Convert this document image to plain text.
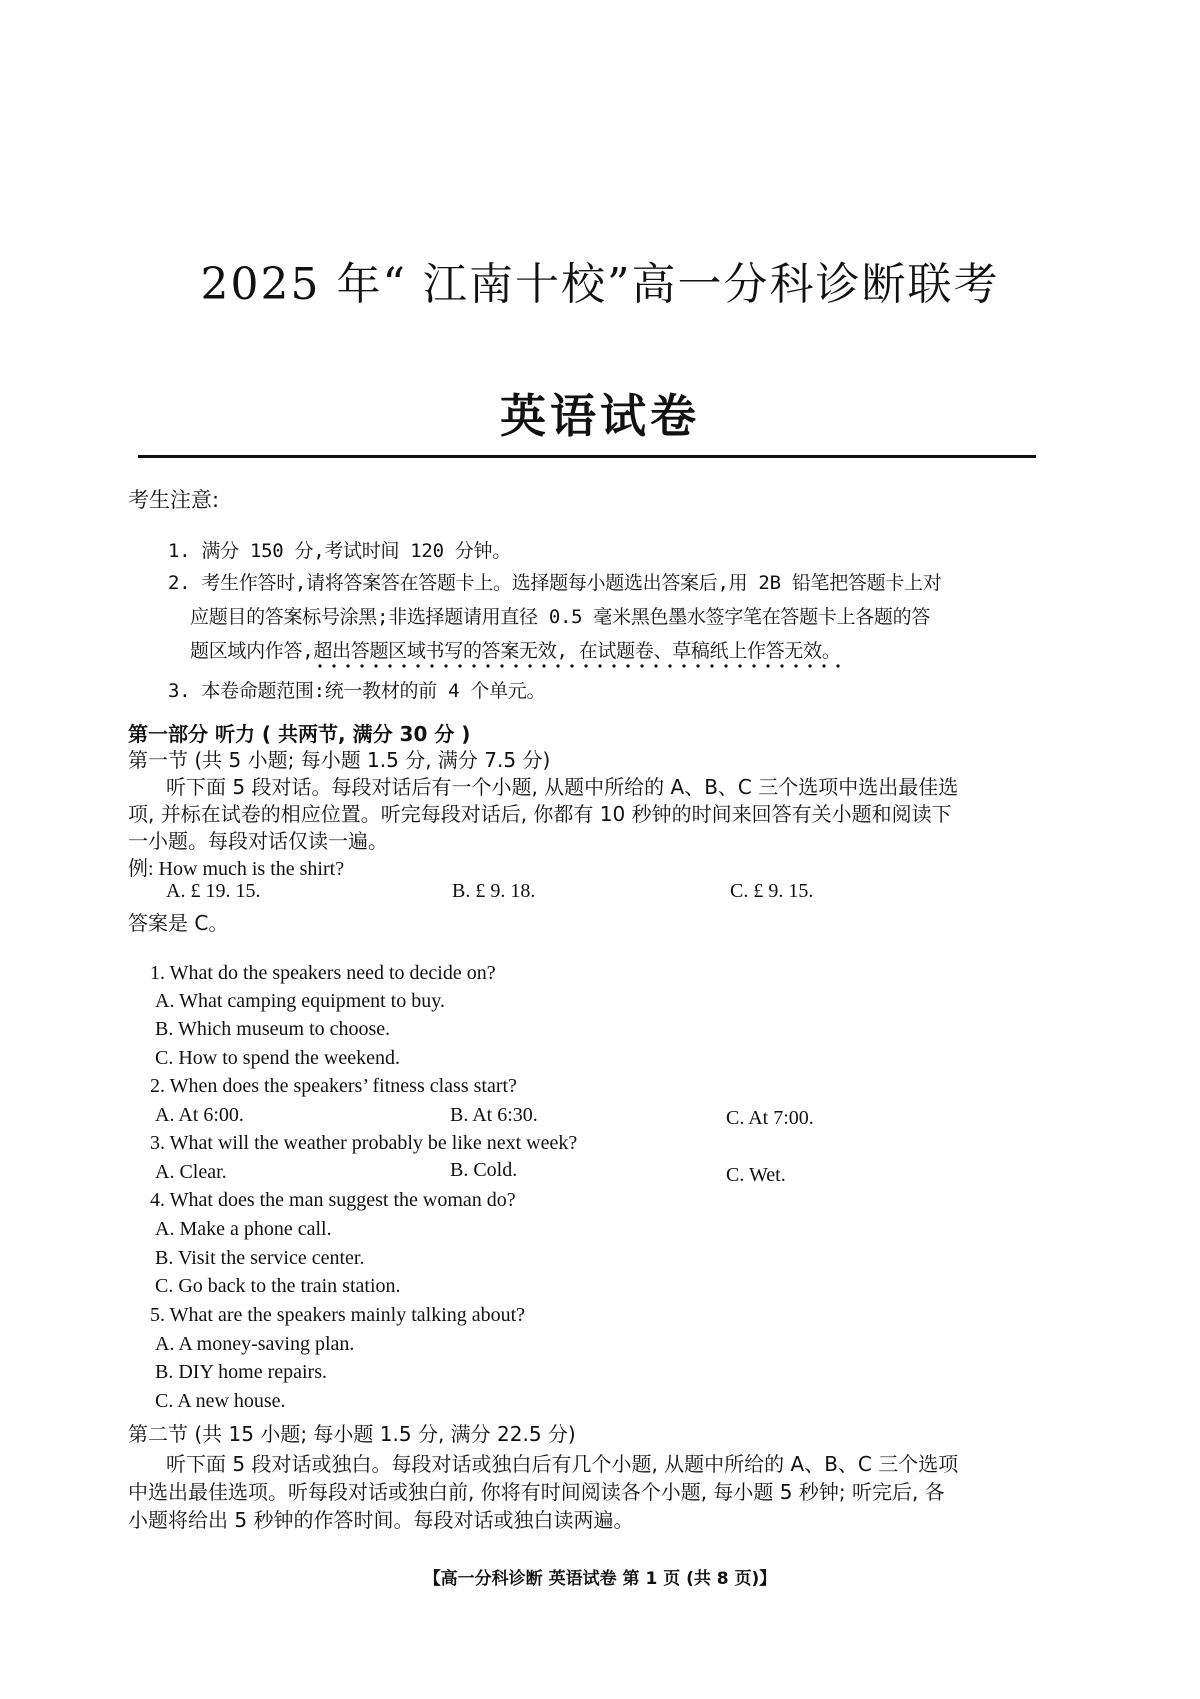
2025 年“ 江南十校”高一分科诊断联考
英语试卷
考生注意:
1. 满分 150 分,考试时间 120 分钟。
2. 考生作答时,请将答案答在答题卡上。选择题每小题选出答案后,用 2B 铅笔把答题卡上对
应题目的答案标号涂黑;非选择题请用直径 0.5 毫米黑色墨水签字笔在答题卡上各题的答
题区域内作答,超出答题区域书写的答案无效, 在试题卷、草稿纸上作答无效。
3. 本卷命题范围:统一教材的前 4 个单元。
第一部分 听力 ( 共两节, 满分 30 分 )
第一节 (共 5 小题; 每小题 1.5 分, 满分 7.5 分)
听下面 5 段对话。每段对话后有一个小题, 从题中所给的 A、B、C 三个选项中选出最佳选
项, 并标在试卷的相应位置。听完每段对话后, 你都有 10 秒钟的时间来回答有关小题和阅读下
一小题。每段对话仅读一遍。
例: How much is the shirt?
A. £ 19. 15.	B. £ 9. 18.	C. £ 9. 15.
答案是 C。
1. What do the speakers need to decide on?
A. What camping equipment to buy.
B. Which museum to choose.
C. How to spend the weekend.
2. When does the speakers’ fitness class start?
A. At 6:00.	B. At 6:30.	C. At 7:00.
3. What will the weather probably be like next week?
A. Clear.	B. Cold.	C. Wet.
4. What does the man suggest the woman do?
A. Make a phone call.
B. Visit the service center.
C. Go back to the train station.
5. What are the speakers mainly talking about?
A. A money-saving plan.
B. DIY home repairs.
C. A new house.
第二节 (共 15 小题; 每小题 1.5 分, 满分 22.5 分)
听下面 5 段对话或独白。每段对话或独白后有几个小题, 从题中所给的 A、B、C 三个选项
中选出最佳选项。听每段对话或独白前, 你将有时间阅读各个小题, 每小题 5 秒钟; 听完后, 各
小题将给出 5 秒钟的作答时间。每段对话或独白读两遍。
【高一分科诊断 英语试卷 第 1 页 (共 8 页)】
